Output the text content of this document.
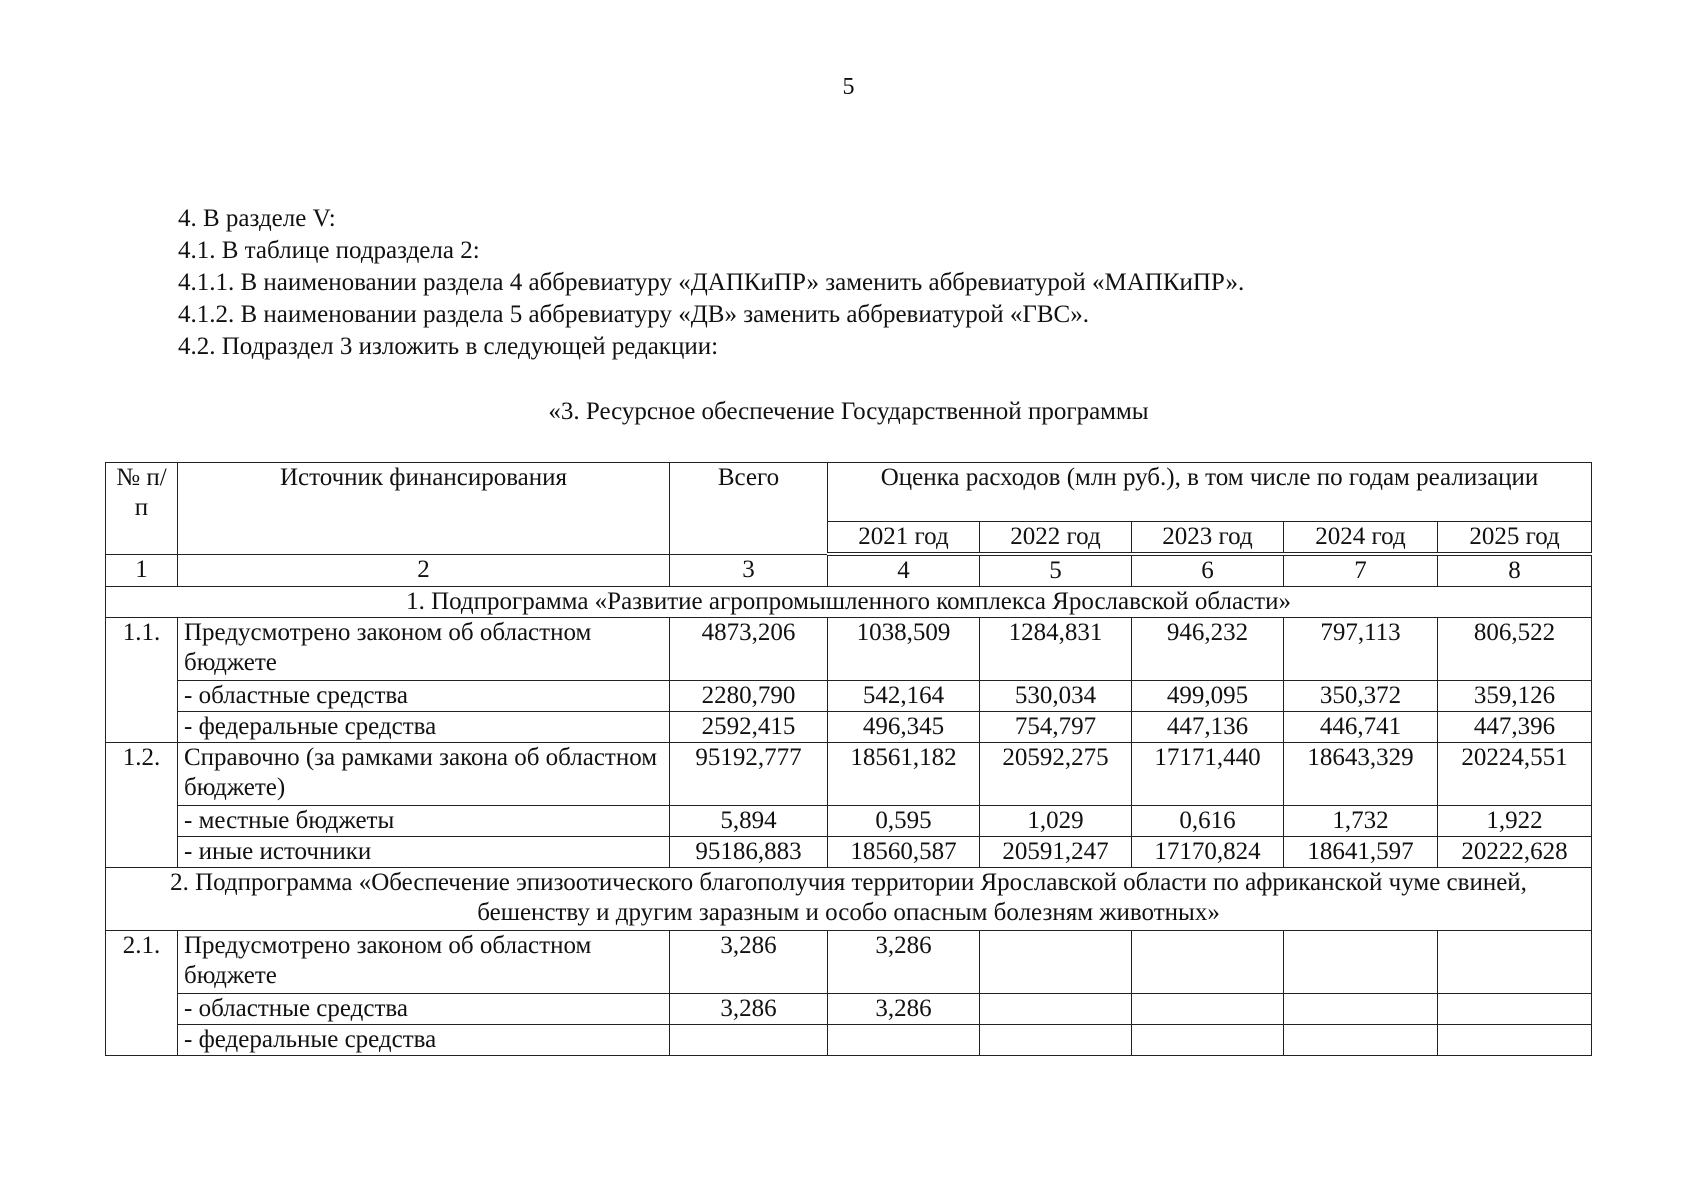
5
4. В разделе V:
4.1. В таблице подраздела 2:
4.1.1. В наименовании раздела 4 аббревиатуру «ДАПКиПР» заменить аббревиатурой «МАПКиПР».
4.1.2. В наименовании раздела 5 аббревиатуру «ДВ» заменить аббревиатурой «ГВС».
4.2. Подраздел 3 изложить в следующей редакции:
«3. Ресурсное обеспечение Государственной программы
№ п/п	Источник финансирования	Всего	Оценка расходов (млн руб.), в том числе по годам реализации				
			2021 год	2022 год	2023 год	2024 год	2025 год
1	2	3	4	5	6	7	8
1. Подпрограмма «Развитие агропромышленного комплекса Ярославской области»							
1.1.	Предусмотрено законом об областном бюджете	4873,206	1038,509	1284,831	946,232	797,113	806,522
	- областные средства	2280,790	542,164	530,034	499,095	350,372	359,126
	- федеральные средства	2592,415	496,345	754,797	447,136	446,741	447,396
1.2.	Справочно (за рамками закона об областном бюджете)	95192,777	18561,182	20592,275	17171,440	18643,329	20224,551
	- местные бюджеты	5,894	0,595	1,029	0,616	1,732	1,922
	- иные источники	95186,883	18560,587	20591,247	17170,824	18641,597	20222,628
2. Подпрограмма «Обеспечение эпизоотического благополучия территории Ярославской области по африканской чуме свиней, бешенству и другим заразным и особо опасным болезням животных»							
2.1.	Предусмотрено законом об областном бюджете	3,286	3,286				
	- областные средства	3,286	3,286				
	- федеральные средства						
